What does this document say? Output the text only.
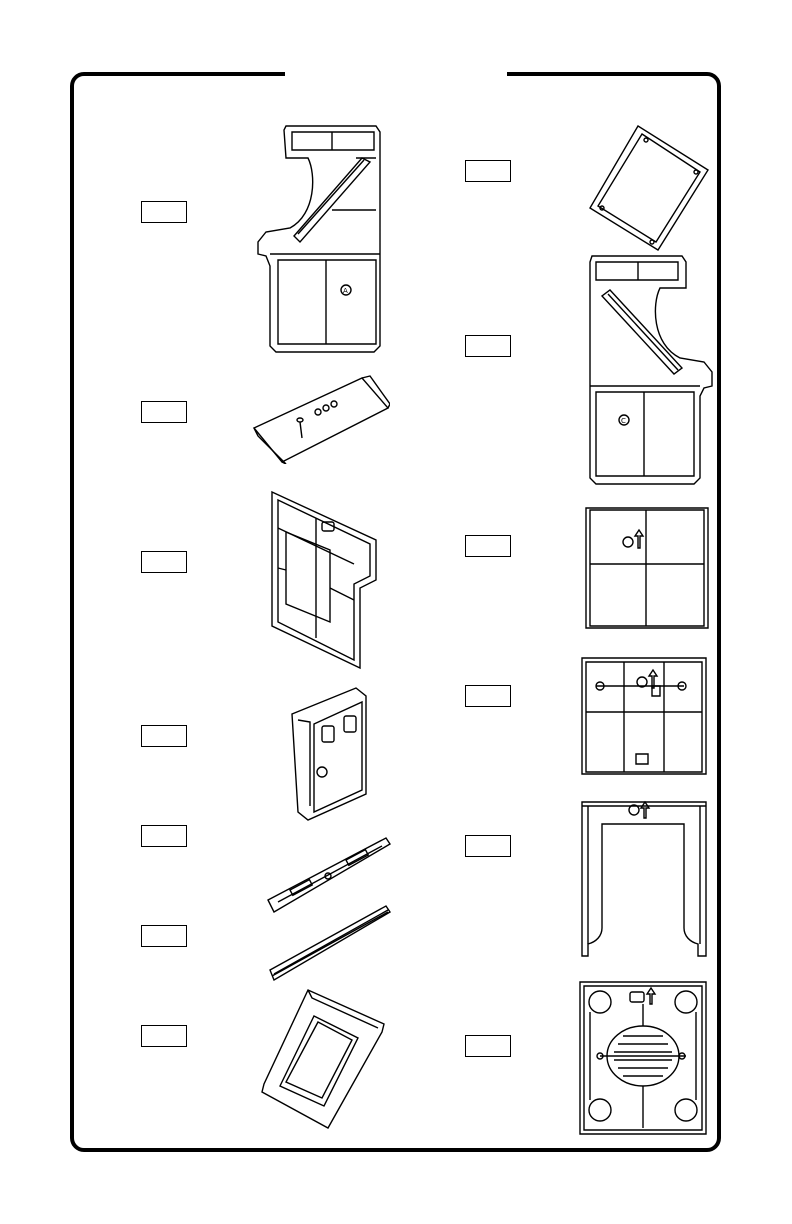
A
C
